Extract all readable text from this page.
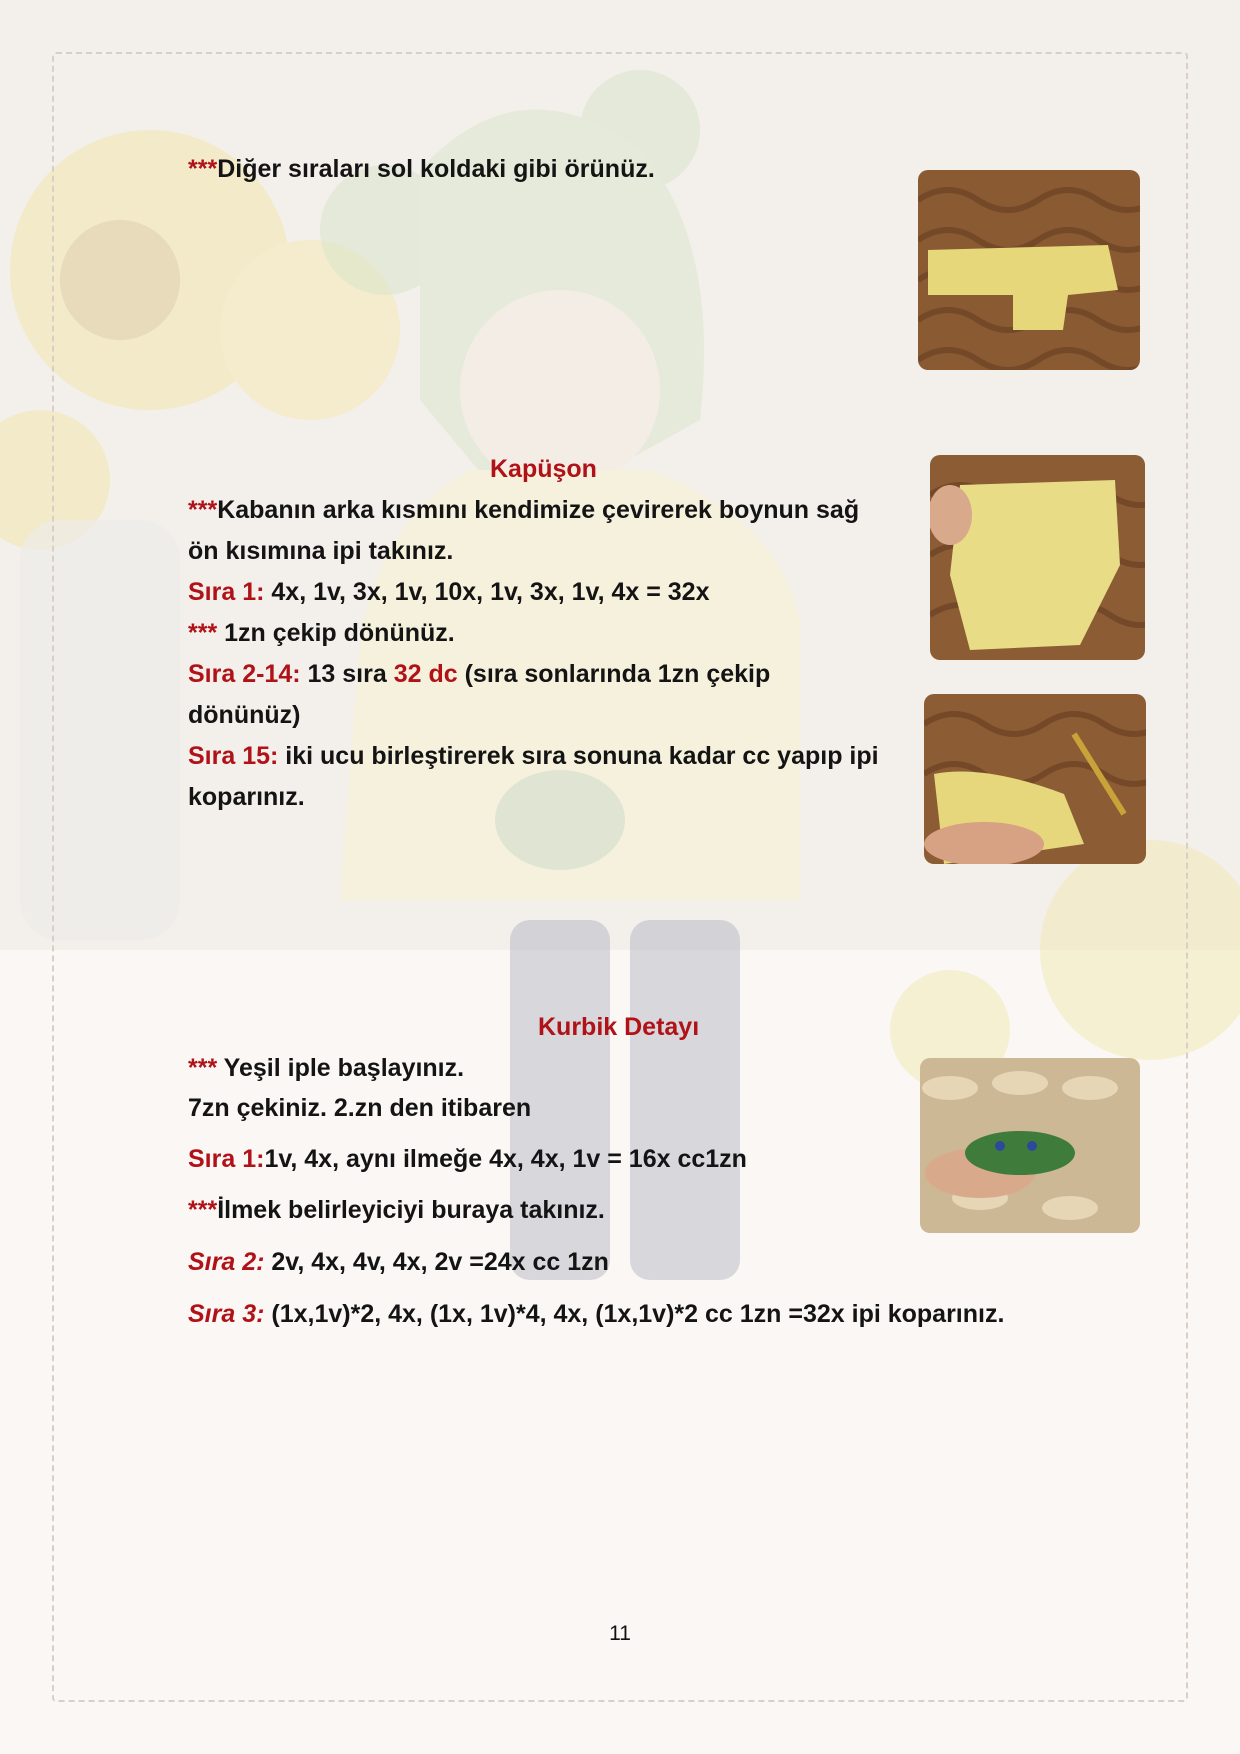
***Diğer sıraları sol koldaki gibi örünüz.
Kapüşon
***Kabanın arka kısmını kendimize çevirerek boynun sağ
ön kısımına ipi takınız.
Sıra 1: 4x, 1v, 3x, 1v, 10x, 1v, 3x, 1v, 4x = 32x
*** 1zn çekip dönünüz.
Sıra 2-14: 13 sıra 32 dc (sıra sonlarında 1zn çekip
dönünüz)
Sıra 15: iki ucu birleştirerek sıra sonuna kadar cc yapıp ipi
koparınız.
Kurbik Detayı
*** Yeşil iple başlayınız.
7zn çekiniz. 2.zn den itibaren
Sıra 1:1v, 4x, aynı ilmeğe 4x, 4x, 1v = 16x cc1zn
***İlmek belirleyiciyi buraya takınız.
Sıra 2: 2v, 4x, 4v, 4x, 2v =24x cc 1zn
Sıra 3: (1x,1v)*2, 4x, (1x, 1v)*4, 4x, (1x,1v)*2 cc 1zn =32x ipi koparınız.
11
